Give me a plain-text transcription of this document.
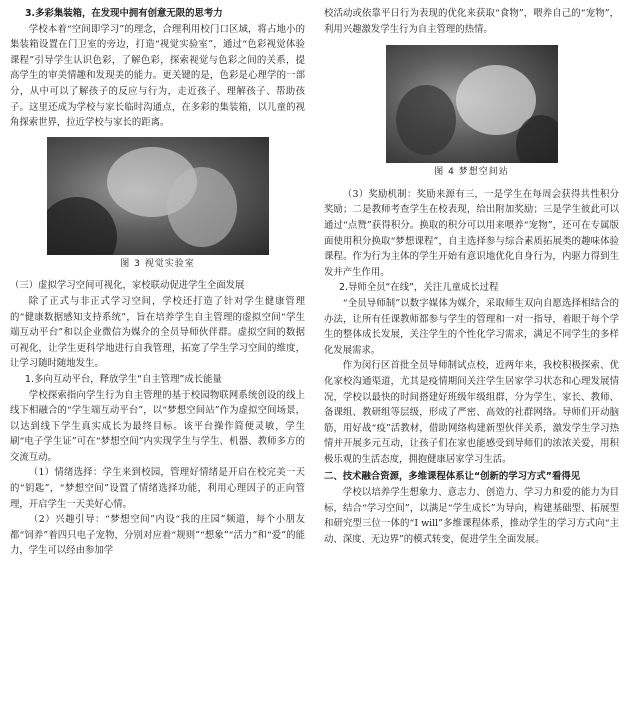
3.多彩集装箱，在发现中拥有创意无限的思考力

学校本着“空间即学习”的理念，合理利用校门口区域，将占地小的集装箱设置在门卫室的旁边，打造“视觉实验室”，通过“色彩视觉体验课程”引导学生认识色彩，了解色彩，探索视觉与色彩之间的关系，提高学生的审美情趣和发现美的能力。更关键的是，色彩是心理学的一部分，从中可以了解孩子的反应与行为，走近孩子、理解孩子、帮助孩子。这里还成为学校与家长临时沟通点，在多彩的集装箱，以儿童的视角探索世界，拉近学校与家长的距离。

图 3 视觉实验室

（三）虚拟学习空间可视化，家校联动促进学生全面发展

除了正式与非正式学习空间，学校还打造了针对学生健康管理的“健康数据感知支持系统”，旨在培养学生自主管理的虚拟空间“学生端互动平台”和以企业微信为媒介的全员导师伙伴群。虚拟空间的数据可视化，让学生更科学地进行自我管理，拓宽了学生学习空间的维度，让学习随时随地发生。

1.多向互动平台，释放学生“自主管理”成长能量

学校探索指向学生行为自主管理的基于校园物联网系统创设的线上线下相融合的“学生端互动平台”，以“梦想空间站”作为虚拟空间场景，以达到线下学生真实成长为最终目标。该平台操作简便灵敏，学生刷“电子学生证”可在“梦想空间”内实现学生与学生、机器、教师多方的交流互动。

（1）情绪选择：学生来到校园，管理好情绪是开启在校完美一天的“钥匙”，“梦想空间”设置了情绪选择功能，利用心理因子的正向管理，开启学生一天美好心情。

（2）兴趣引导：“梦想空间”内设“我的庄园”频道，每个小朋友都“饲养”着四只电子宠物，分别对应着“规则”“想象”“活力”和“爱”的能力，学生可以经由参加学

校活动或依靠平日行为表现的优化来获取“食物”，喂养自己的“宠物”，利用兴趣激发学生行为自主管理的热情。

图 4 梦想空间站

（3）奖励机制：奖励来源有三，一是学生在每周会获得共性积分奖励；二是教师考查学生在校表现，给出附加奖励；三是学生彼此可以通过“点赞”获得积分。换取的积分可以用来喂养“宠物”，还可在专属版面使用积分换取“梦想课程”，自主选择参与综合素质拓展类的趣味体验课程。作为行为主体的学生开始有意识地优化自身行为，内驱力得到生发并产生作用。

2.导师全员“在线”，关注儿童成长过程

“全员导师制”以数字媒体为媒介，采取师生双向自愿选择相结合的办法，让所有任课教师都参与学生的管理和一对一指导，着眼于每个学生的整体成长发展，关注学生的个性化学习需求，满足不同学生的多样化发展需求。

作为闵行区首批全员导师制试点校，近两年来，我校积极探索、优化家校沟通渠道，尤其是疫情期间关注学生居家学习状态和心理发展情况，学校以最快的时间搭建好班级年级组群，分为学生、家长、教师、备课组、教研组等层级，形成了严密、高效的社群网络。导师们开动脑筋，用好战“疫”活教材，借助网络构建新型伙伴关系，激发学生学习热情并开展多元互动，让孩子们在家也能感受到导师们的浓浓关爱，用积极乐观的生活态度，拥抱健康居家学习生活。

二、技术融合资源，多维课程体系让“创新的学习方式”看得见

学校以培养学生想象力、意志力、创造力、学习力和爱的能力为目标，结合“学习空间”，以满足“学生成长”为导向，构建基础型、拓展型和研究型三位一体的“I will”多维课程体系，推动学生的学习方式向“主动、深度、无边界”的模式转变，促进学生全面发展。
